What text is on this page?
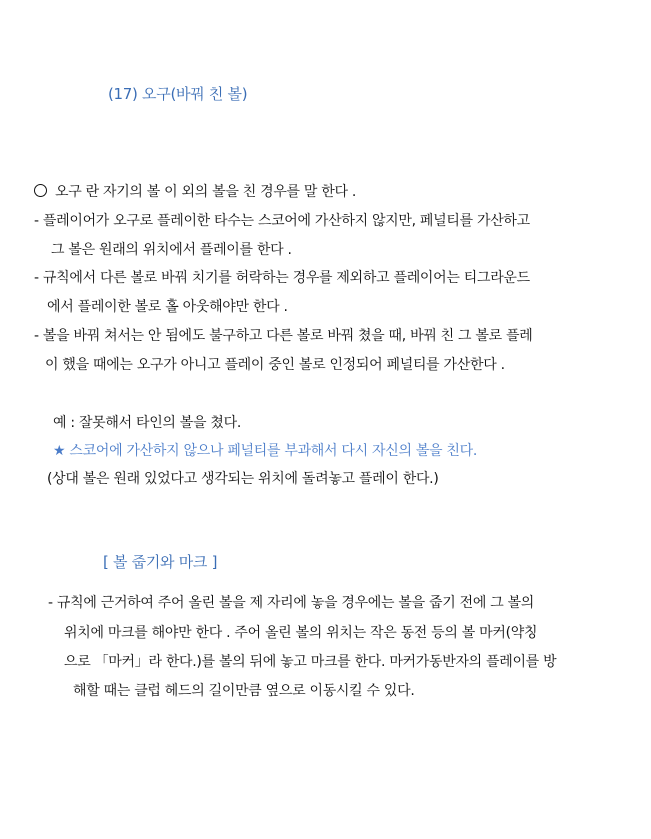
(17) 오구(바꿔 친 볼)
오구 란 자기의 볼 이 외의 볼을 친 경우를 말 한다 .
- 플레이어가 오구로 플레이한 타수는 스코어에 가산하지 않지만, 페널티를 가산하고
그 볼은 원래의 위치에서 플레이를 한다 .
- 규칙에서 다른 볼로 바꿔 치기를 허락하는 경우를 제외하고 플레이어는 티그라운드
에서 플레이한 볼로 홀 아웃해야만 한다 .
- 볼을 바꿔 쳐서는 안 됨에도 불구하고 다른 볼로 바꿔 쳤을 때, 바꿔 친 그 볼로 플레
이 했을 때에는 오구가 아니고 플레이 중인 볼로 인정되어 페널티를 가산한다 .
예 : 잘못해서 타인의 볼을 쳤다.
★ 스코어에 가산하지 않으나 페널티를 부과해서 다시 자신의 볼을 친다.
(상대 볼은 원래 있었다고 생각되는 위치에 돌려놓고 플레이 한다.)
[ 볼 줍기와 마크 ]
- 규칙에 근거하여 주어 올린 볼을 제 자리에 놓을 경우에는 볼을 줍기 전에 그 볼의
위치에 마크를 해야만 한다 . 주어 올린 볼의 위치는 작은 동전 등의 볼 마커(약칭
으로 「마커」라 한다.)를 볼의 뒤에 놓고 마크를 한다. 마커가동반자의 플레이를 방
해할 때는 클럽 헤드의 길이만큼 옆으로 이동시킬 수 있다.
